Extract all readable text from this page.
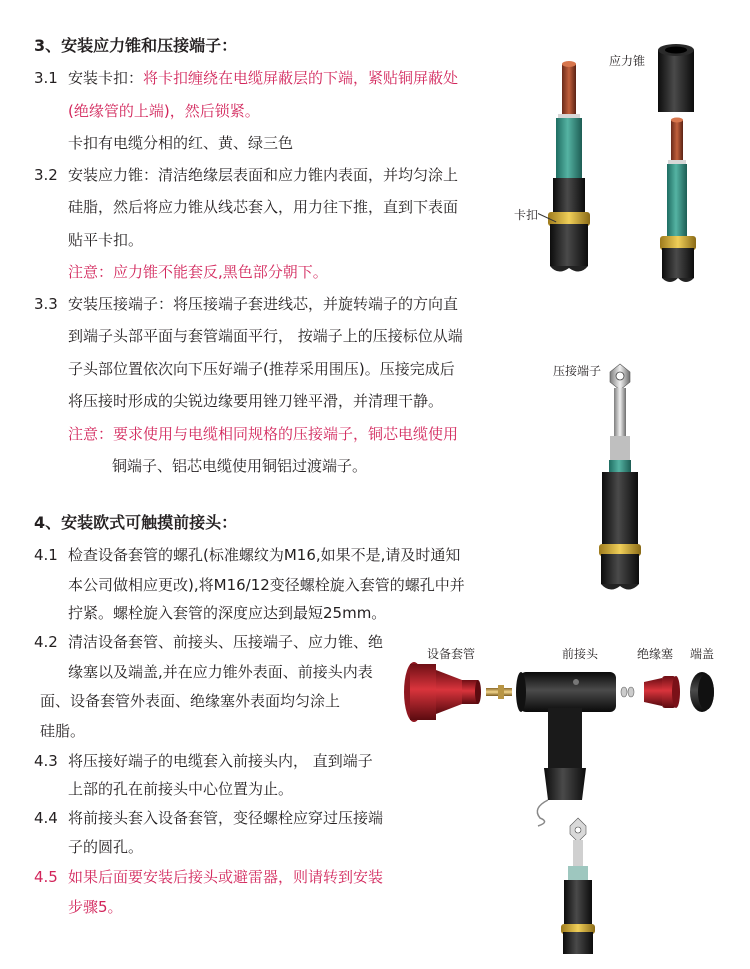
3、安装应力锥和压接端子：
3.1 安装卡扣：将卡扣缠绕在电缆屏蔽层的下端，紧贴铜屏蔽处
(绝缘管的上端)，然后锁紧。
卡扣有电缆分相的红、黄、绿三色
3.2 安装应力锥：清洁绝缘层表面和应力锥内表面，并均匀涂上
硅脂，然后将应力锥从线芯套入，用力往下推，直到下表面
贴平卡扣。
注意：应力锥不能套反,黑色部分朝下。
3.3 安装压接端子：将压接端子套进线芯，并旋转端子的方向直
到端子头部平面与套管端面平行， 按端子上的压接标位从端
子头部位置依次向下压好端子(推荐采用围压)。压接完成后
将压接时形成的尖锐边缘要用锉刀锉平滑，并清理干静。
注意：要求使用与电缆相同规格的压接端子，铜芯电缆使用
铜端子、铝芯电缆使用铜铝过渡端子。
4、安装欧式可触摸前接头：
4.1 检查设备套管的螺孔(标准螺纹为M16,如果不是,请及时通知
本公司做相应更改),将M16/12变径螺栓旋入套管的螺孔中并
拧紧。螺栓旋入套管的深度应达到最短25mm。
4.2 清洁设备套管、前接头、压接端子、应力锥、绝
缘塞以及端盖,并在应力锥外表面、前接头内表
面、设备套管外表面、绝缘塞外表面均匀涂上
硅脂。
4.3 将压接好端子的电缆套入前接头内， 直到端子
上部的孔在前接头中心位置为止。
4.4 将前接头套入设备套管，变径螺栓应穿过压接端
子的圆孔。
4.5 如果后面要安装后接头或避雷器，则请转到安装
步骤5。
应力锥
卡扣
压接端子
设备套管	前接头	绝缘塞 端盖
